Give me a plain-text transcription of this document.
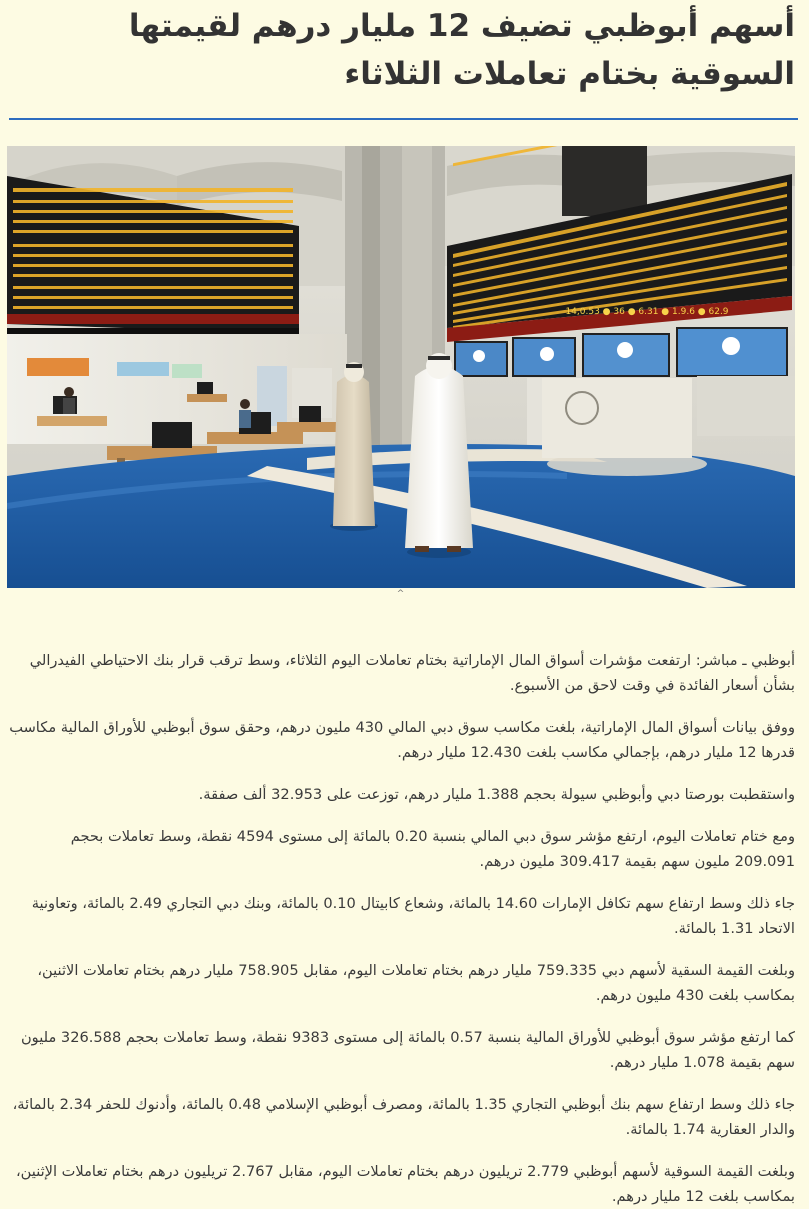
أسهم أبوظبي تضيف 12 مليار درهم لقيمتها السوقية بختام تعاملات الثلاثاء
14,0.53 ● 36 ● 6.31 ● 1.9.6 ● 62.9
^

أبوظبي ـ مباشر: ارتفعت مؤشرات أسواق المال الإماراتية بختام تعاملات اليوم الثلاثاء، وسط ترقب قرار بنك الاحتياطي الفيدرالي بشأن أسعار الفائدة في وقت لاحق من الأسبوع.

ووفق بيانات أسواق المال الإماراتية، بلغت مكاسب سوق دبي المالي 430 مليون درهم، وحقق سوق أبوظبي للأوراق المالية مكاسب قدرها 12 مليار درهم، بإجمالي مكاسب بلغت 12.430 مليار درهم.

واستقطبت بورصتا دبي وأبوظبي سيولة بحجم 1.388 مليار درهم، توزعت على 32.953 ألف صفقة.

ومع ختام تعاملات اليوم، ارتفع مؤشر سوق دبي المالي بنسبة 0.20 بالمائة إلى مستوى 4594 نقطة، وسط تعاملات بحجم 209.091 مليون سهم بقيمة 309.417 مليون درهم.

جاء ذلك وسط ارتفاع سهم تكافل الإمارات 14.60 بالمائة، وشعاع كابيتال 0.10 بالمائة، وبنك دبي التجاري 2.49 بالمائة، وتعاونية الاتحاد 1.31 بالمائة.

وبلغت القيمة السقية لأسهم دبي 759.335 مليار درهم بختام تعاملات اليوم، مقابل 758.905 مليار درهم بختام تعاملات الاثنين، بمكاسب بلغت 430 مليون درهم.

كما ارتفع مؤشر سوق أبوظبي للأوراق المالية بنسبة 0.57 بالمائة إلى مستوى 9383 نقطة، وسط تعاملات بحجم 326.588 مليون سهم بقيمة 1.078 مليار درهم.

جاء ذلك وسط ارتفاع سهم بنك أبوظبي التجاري 1.35 بالمائة، ومصرف أبوظبي الإسلامي 0.48 بالمائة، وأدنوك للحفر 2.34 بالمائة، والدار العقارية 1.74 بالمائة.

وبلغت القيمة السوقية لأسهم أبوظبي 2.779 تريليون درهم بختام تعاملات اليوم، مقابل 2.767 تريليون درهم بختام تعاملات الإثنين، بمكاسب بلغت 12 مليار درهم.
